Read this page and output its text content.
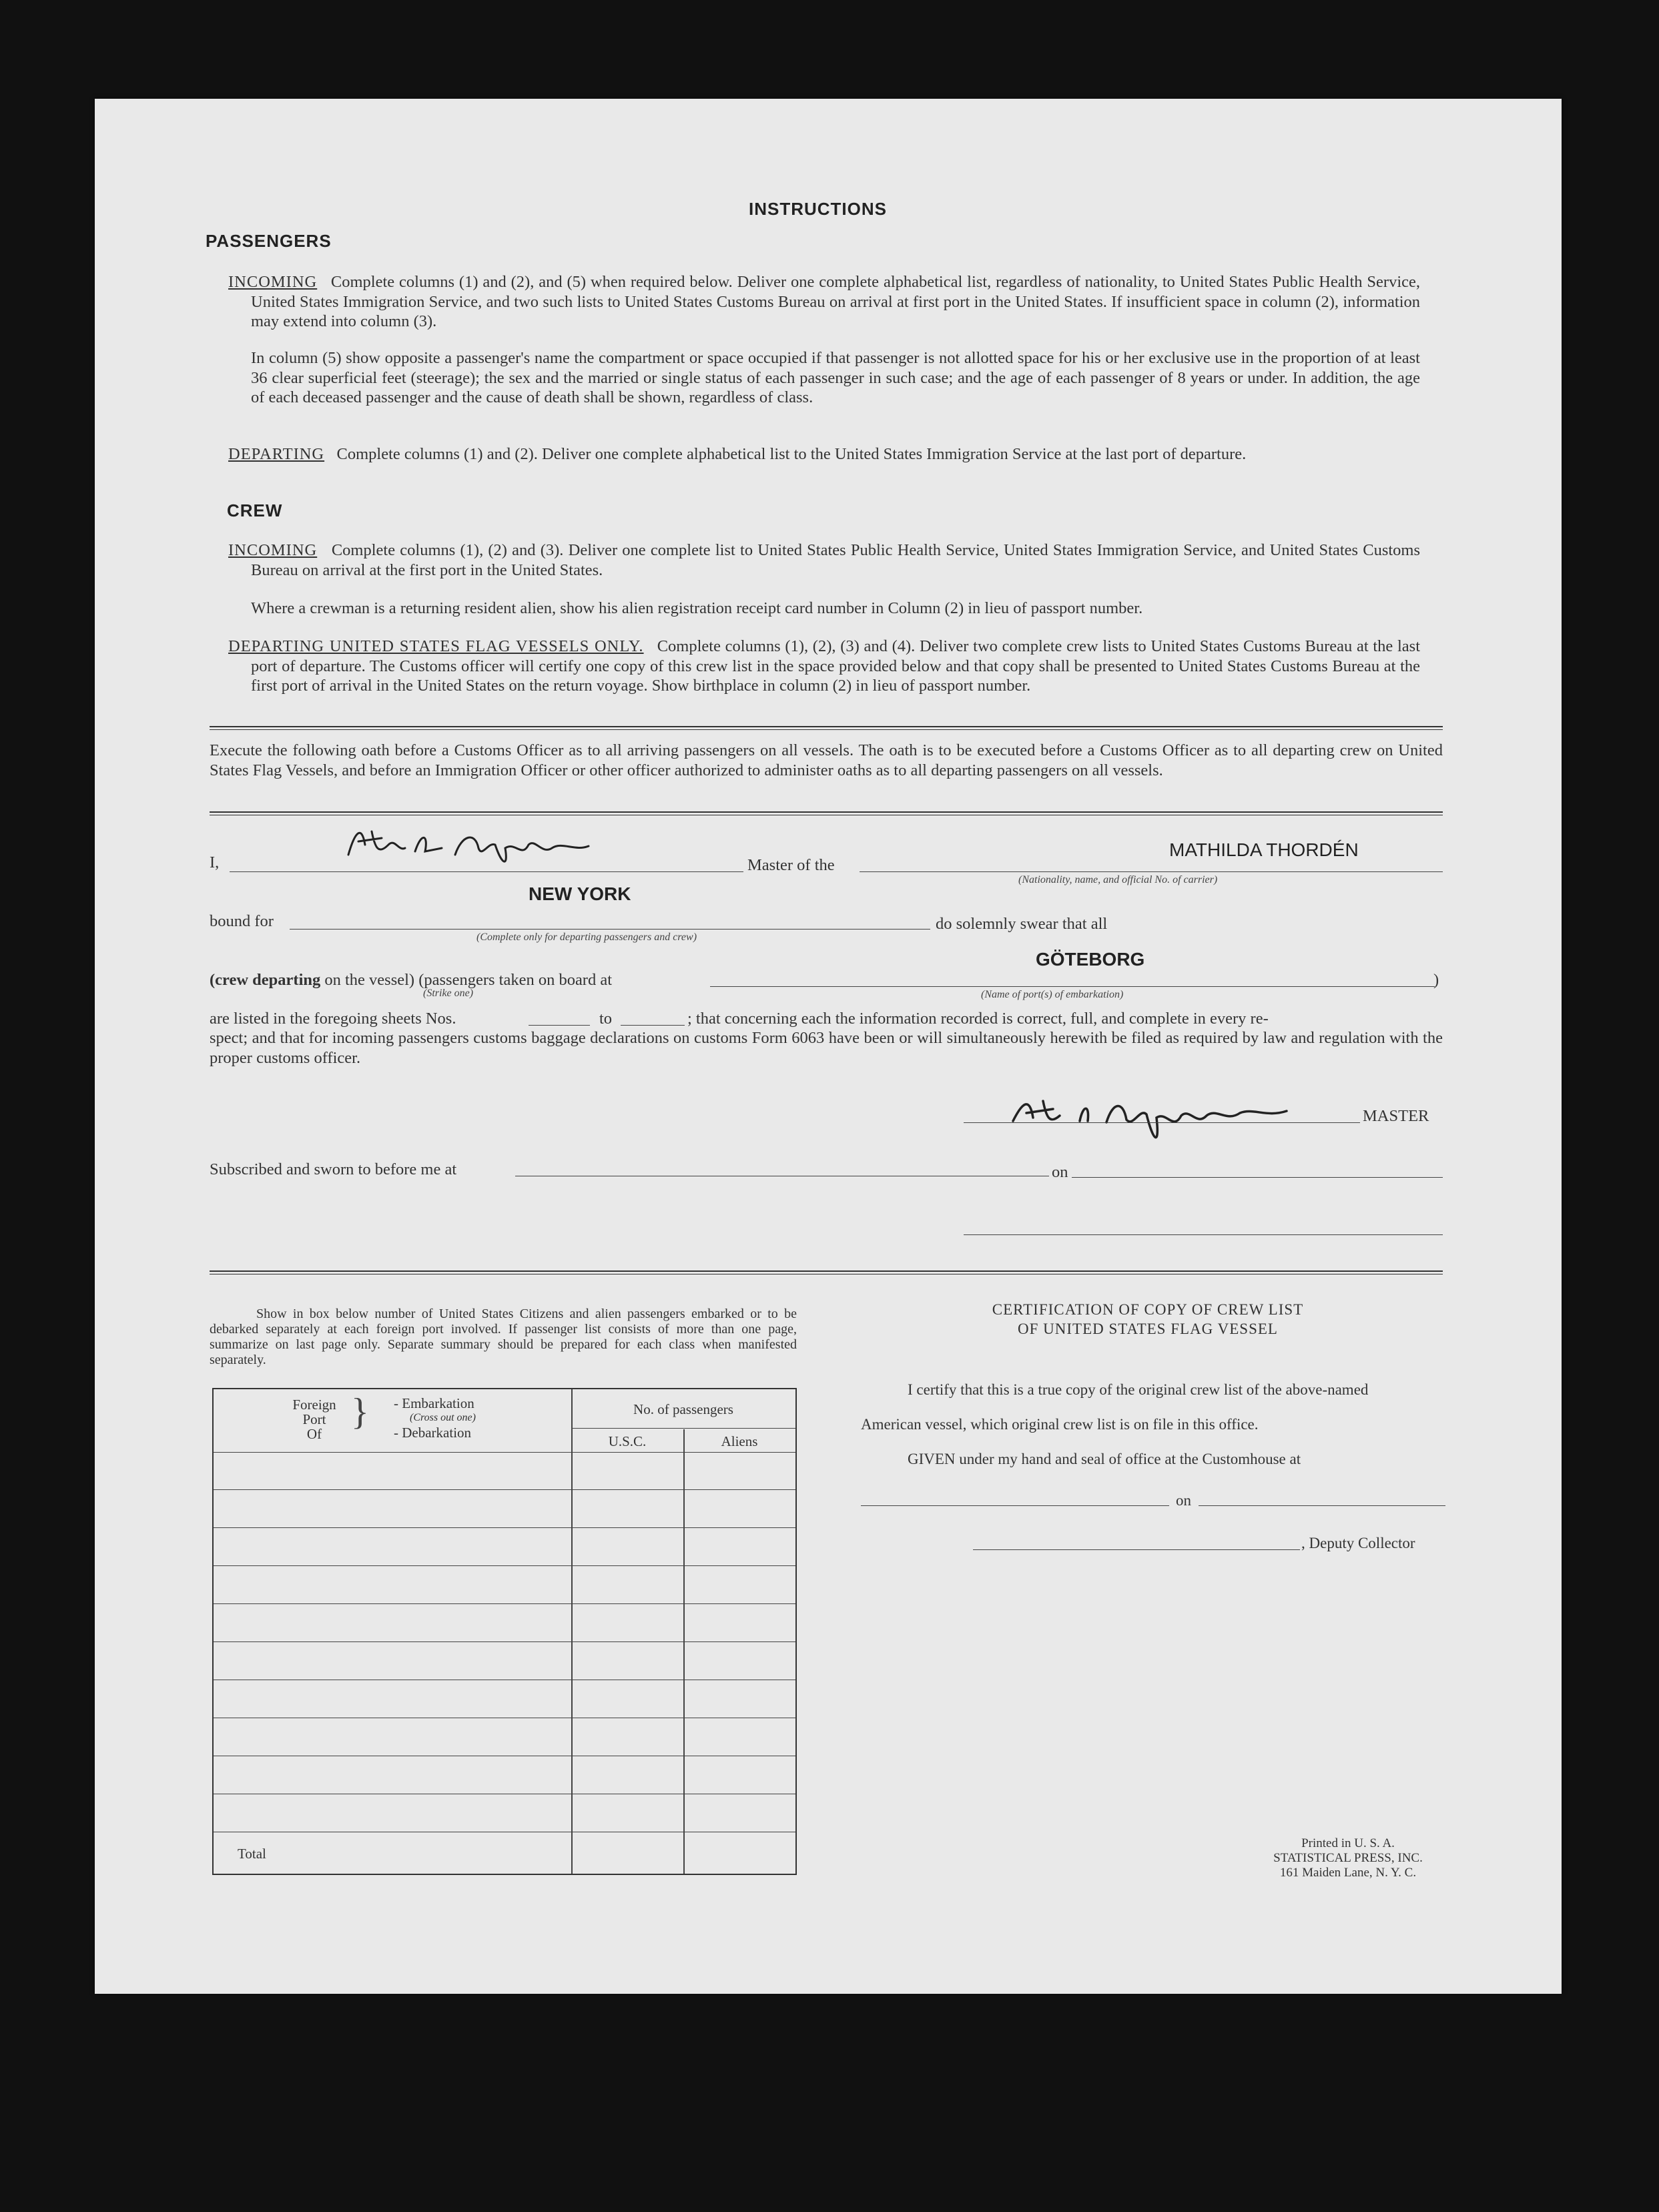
INSTRUCTIONS
PASSENGERS
INCOMING Complete columns (1) and (2), and (5) when required below. Deliver one complete alphabetical list, regardless of nationality, to United States Public Health Service, United States Immigration Service, and two such lists to United States Customs Bureau on arrival at first port in the United States. If insufficient space in column (2), information may extend into column (3).
In column (5) show opposite a passenger's name the compartment or space occupied if that passenger is not allotted space for his or her exclusive use in the proportion of at least 36 clear superficial feet (steerage); the sex and the married or single status of each passenger in such case; and the age of each passenger of 8 years or under. In addition, the age of each deceased passenger and the cause of death shall be shown, regardless of class.
DEPARTING Complete columns (1) and (2). Deliver one complete alphabetical list to the United States Immigration Service at the last port of departure.
CREW
INCOMING Complete columns (1), (2) and (3). Deliver one complete list to United States Public Health Service, United States Immigration Service, and United States Customs Bureau on arrival at the first port in the United States.
Where a crewman is a returning resident alien, show his alien registration receipt card number in Column (2) in lieu of passport number.
DEPARTING UNITED STATES FLAG VESSELS ONLY. Complete columns (1), (2), (3) and (4). Deliver two complete crew lists to United States Customs Bureau at the last port of departure. The Customs officer will certify one copy of this crew list in the space provided below and that copy shall be presented to United States Customs Bureau at the first port of arrival in the United States on the return voyage. Show birthplace in column (2) in lieu of passport number.
Execute the following oath before a Customs Officer as to all arriving passengers on all vessels. The oath is to be executed before a Customs Officer as to all departing crew on United States Flag Vessels, and before an Immigration Officer or other officer authorized to administer oaths as to all departing passengers on all vessels.
I,	Master of the
MATHILDA THORDÉN
(Nationality, name, and official No. of carrier)
NEW YORK
bound for
(Complete only for departing passengers and crew)
do solemnly swear that all
GÖTEBORG
(crew departing on the vessel) (passengers taken on board at	)
(Strike one)	(Name of port(s) of embarkation)
are listed in the foregoing sheets Nos.	to	; that concerning each the information recorded is correct, full, and complete in every re-
spect; and that for incoming passengers customs baggage declarations on customs Form 6063 have been or will simultaneously herewith be filed as required by law and regulation with the proper customs officer.
MASTER
Subscribed and sworn to before me at	on
Show in box below number of United States Citizens and alien passengers embarked or to be debarked separately at each foreign port involved. If passenger list consists of more than one page, summarize on last page only. Separate summary should be prepared for each class when manifested separately.
Foreign
Port
Of
} - Embarkation
(Cross out one)
- Debarkation
No. of passengers
U.S.C.	Aliens
Total
CERTIFICATION OF COPY OF CREW LIST
OF UNITED STATES FLAG VESSEL
I certify that this is a true copy of the original crew list of the above-named
American vessel, which original crew list is on file in this office.
GIVEN under my hand and seal of office at the Customhouse at
on
, Deputy Collector
Printed in U. S. A.
STATISTICAL PRESS, INC.
161 Maiden Lane, N. Y. C.
